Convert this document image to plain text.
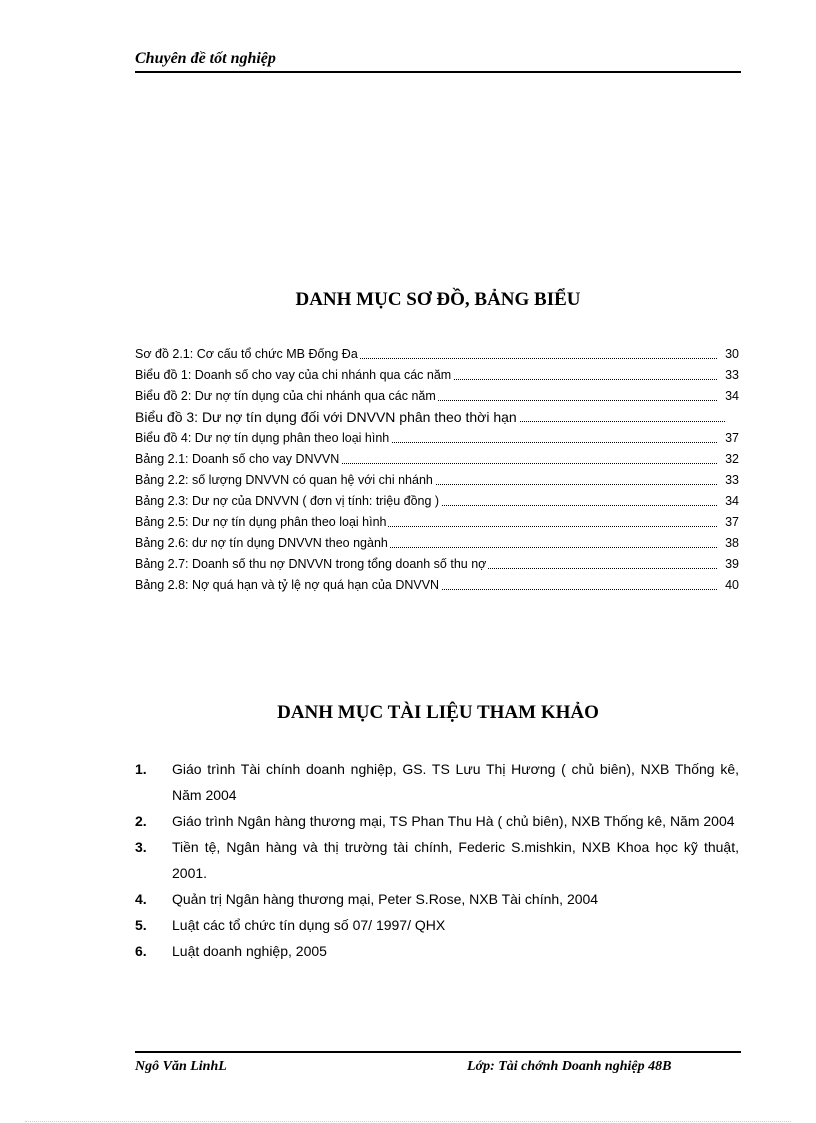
Chuyên đề tốt nghiệp
DANH MỤC SƠ ĐỒ, BẢNG BIỂU
Sơ đồ 2.1: Cơ cấu tổ chức MB Đống Đa	30
Biểu đồ 1: Doanh số cho vay của chi nhánh qua các năm	33
Biểu đồ 2: Dư nợ tín dụng của chi nhánh qua các năm	34
Biểu đồ 3: Dư nợ tín dụng đối với DNVVN phân theo thời hạn
Biểu đồ 4: Dư nợ tín dụng phân theo loại hình	37
Bảng 2.1: Doanh số cho vay DNVVN	32
Bảng 2.2: số lượng DNVVN có quan hệ với chi nhánh	33
Bảng 2.3: Dư nợ của DNVVN ( đơn vị tính: triệu đồng )	34
Bảng 2.5: Dư nợ tín dụng phân theo loại hình	37
Bảng 2.6: dư nợ tín dụng DNVVN theo ngành	38
Bảng 2.7: Doanh số thu nợ DNVVN trong tổng doanh số thu nợ	39
Bảng 2.8: Nợ quá hạn và tỷ lệ nợ quá hạn của DNVVN	40
DANH MỤC TÀI LIỆU THAM KHẢO
1. Giáo trình Tài chính doanh nghiệp, GS. TS Lưu Thị Hương ( chủ biên), NXB Thống kê, Năm 2004
2. Giáo trình Ngân hàng thương mại, TS Phan Thu Hà ( chủ biên), NXB Thống kê, Năm 2004
3. Tiền tệ, Ngân hàng và thị trường tài chính, Federic S.mishkin, NXB Khoa học kỹ thuật, 2001.
4. Quản trị Ngân hàng thương mại, Peter S.Rose, NXB Tài chính, 2004
5. Luật các tổ chức tín dụng số 07/ 1997/ QHX
6. Luật doanh nghiệp, 2005
Ngô Văn LinhL	Lớp: Tài chớnh Doanh nghiệp 48B
